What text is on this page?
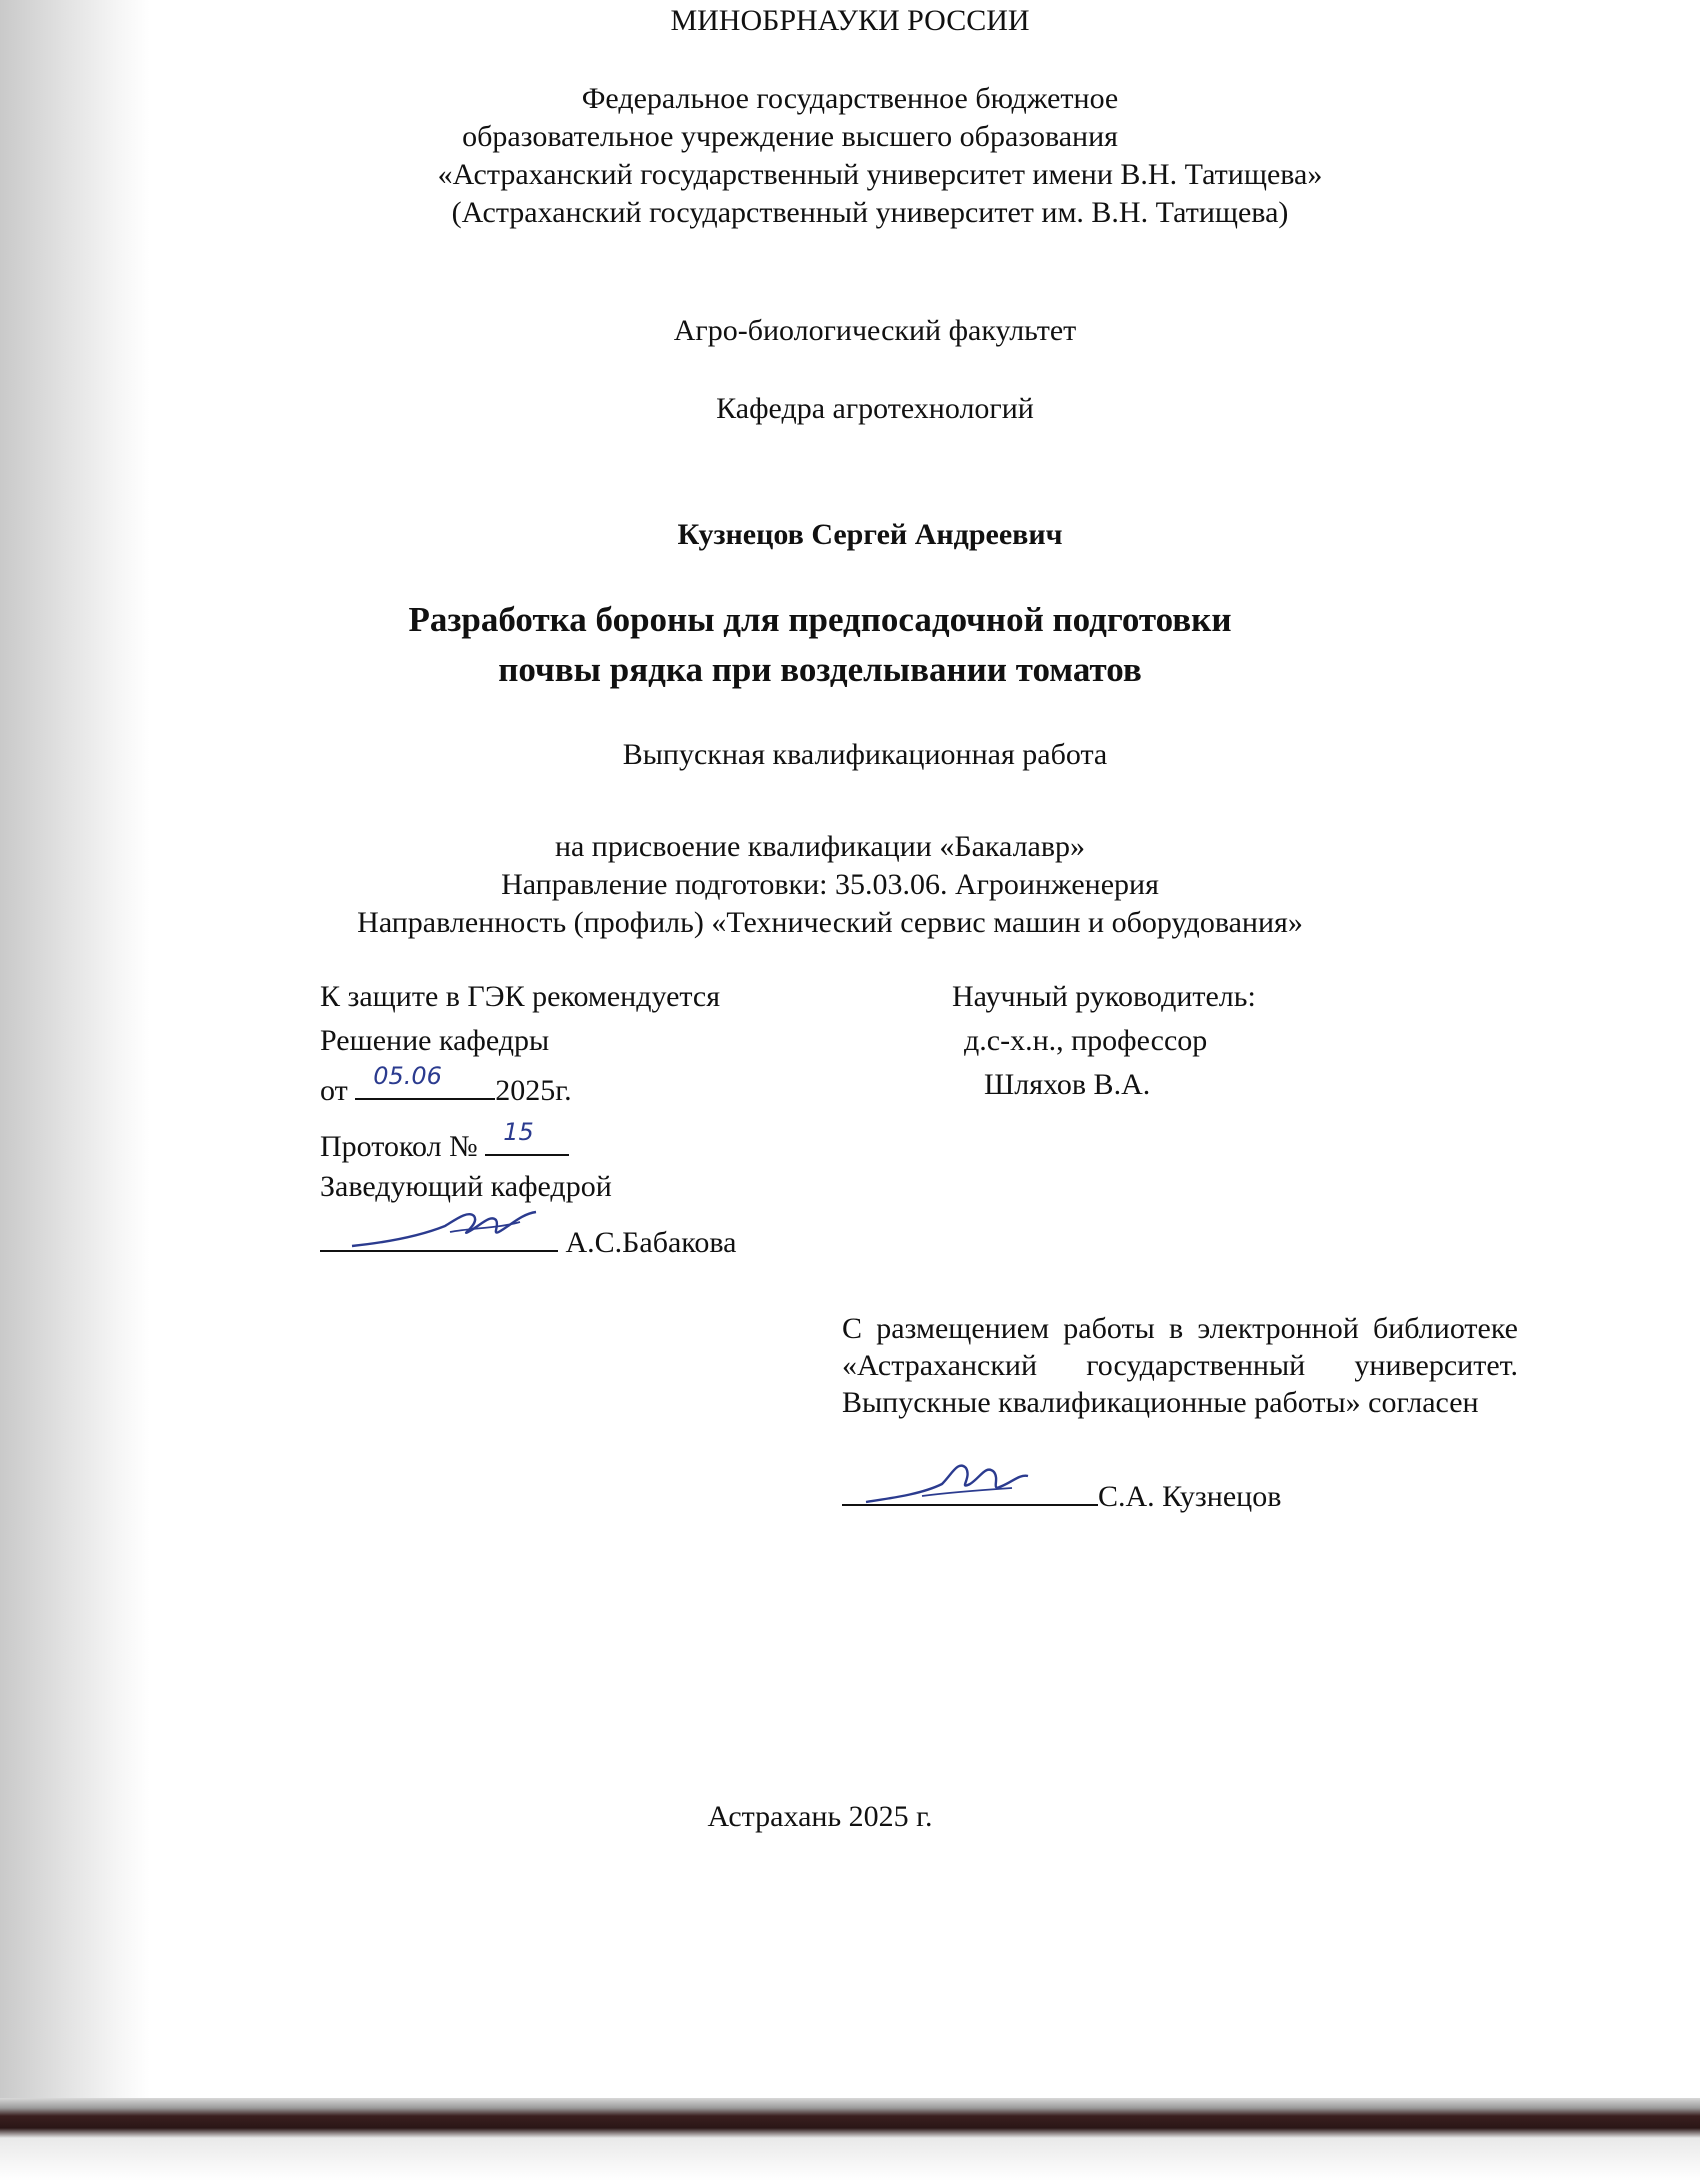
МИНОБРНАУКИ РОССИИ
Федеральное государственное бюджетное
образовательное учреждение высшего образования
«Астраханский государственный университет имени В.Н. Татищева»
(Астраханский государственный университет им. В.Н. Татищева)
Агро-биологический факультет
Кафедра агротехнологий
Кузнецов Сергей Андреевич
Разработка бороны для предпосадочной подготовки
почвы рядка при возделывании томатов
Выпускная квалификационная работа
на присвоение квалификации «Бакалавр»
Направление подготовки: 35.03.06. Агроинженерия
Направленность (профиль) «Технический сервис машин и оборудования»
К защите в ГЭК рекомендуется
Решение кафедры
от 05.06 2025г.
Протокол № 15
Заведующий кафедрой
А.С.Бабакова
Научный руководитель:
д.с-х.н., профессор
Шляхов В.А.
С размещением работы в электронной библиотеке «Астраханский государственный университет. Выпускные квалификационные работы» согласен
С.А. Кузнецов
Астрахань 2025 г.
